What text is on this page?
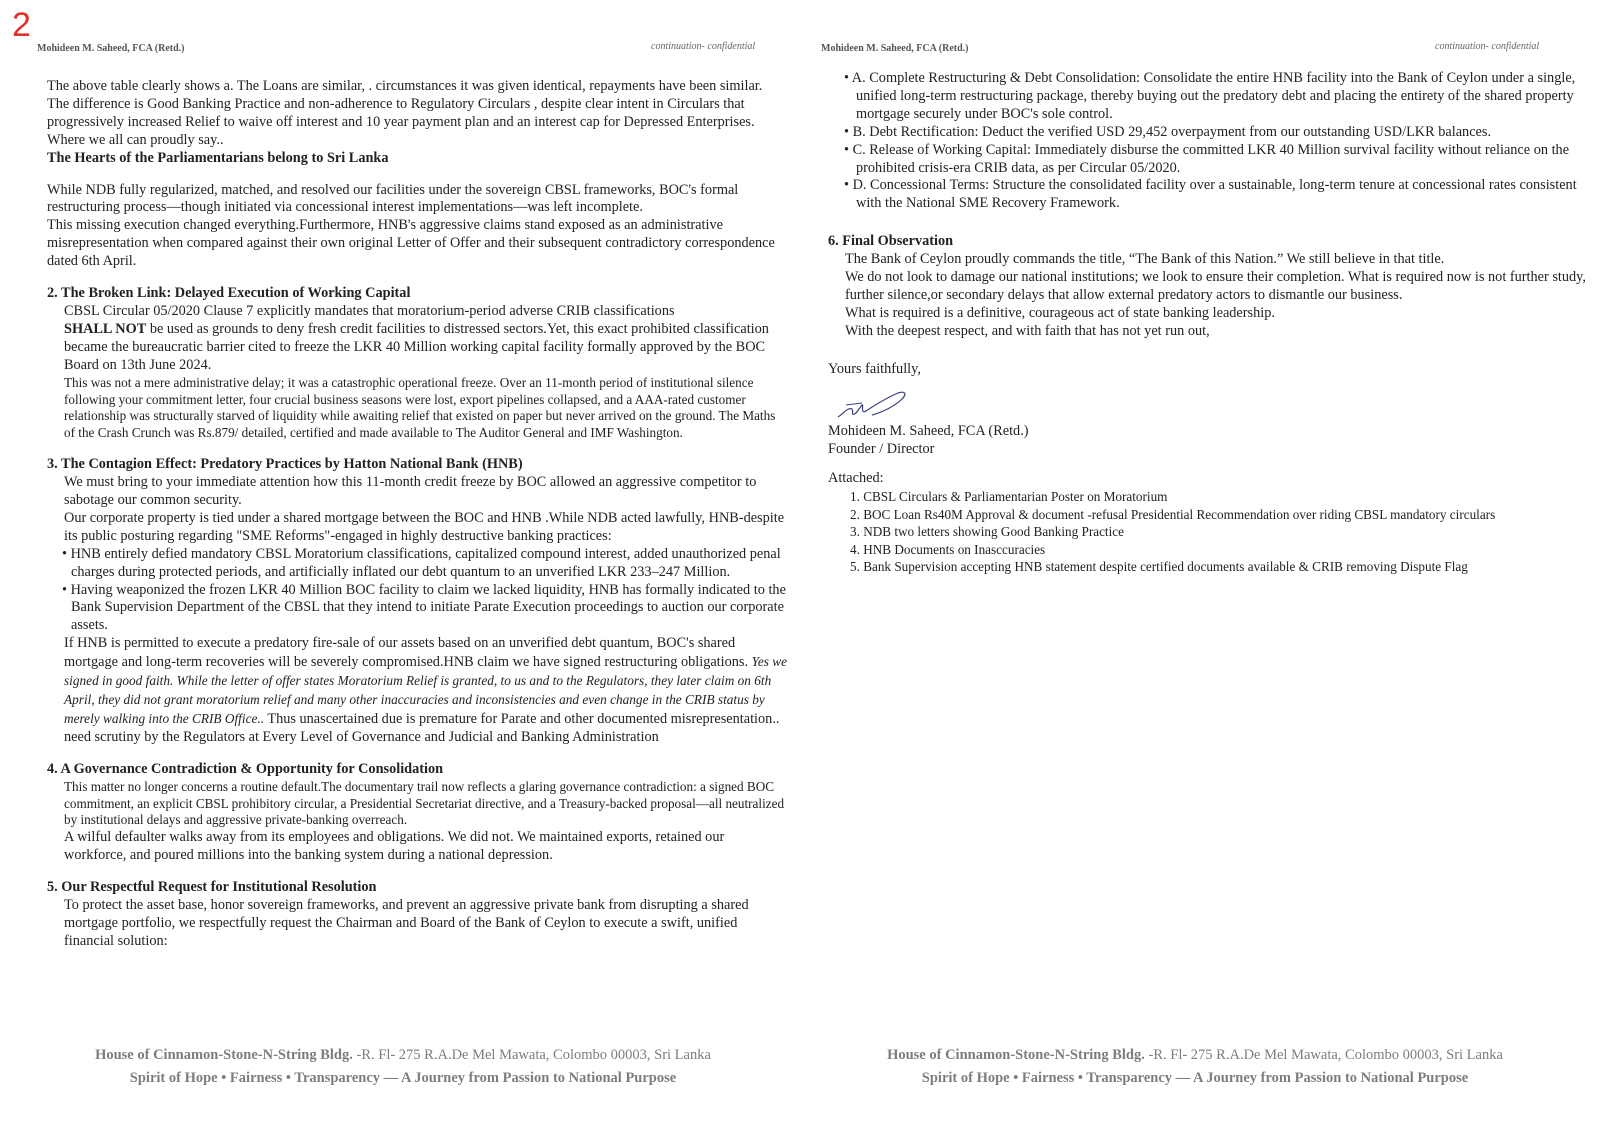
2
Mohideen M. Saheed, FCA (Retd.)	continuation- confidential

The above table clearly shows a. The Loans are similar, . circumstances it was given identical, repayments have been similar. The difference is Good Banking Practice and non-adherence to Regulatory Circulars , despite clear intent in Circulars that progressively increased Relief to waive off interest and 10 year payment plan and an interest cap for Depressed Enterprises. Where we all can proudly say..

The Hearts of the Parliamentarians belong to Sri Lanka

While NDB fully regularized, matched, and resolved our facilities under the sovereign CBSL frameworks, BOC's formal restructuring process—though initiated via concessional interest implementations—was left incomplete.

This missing execution changed everything.Furthermore, HNB's aggressive claims stand exposed as an administrative misrepresentation when compared against their own original Letter of Offer and their subsequent contradictory correspondence dated 6th April.

2. The Broken Link: Delayed Execution of Working Capital

CBSL Circular 05/2020 Clause 7 explicitly mandates that moratorium-period adverse CRIB classifications
SHALL NOT be used as grounds to deny fresh credit facilities to distressed sectors.Yet, this exact prohibited classification became the bureaucratic barrier cited to freeze the LKR 40 Million working capital facility formally approved by the BOC Board on 13th June 2024.

This was not a mere administrative delay; it was a catastrophic operational freeze. Over an 11-month period of institutional silence following your commitment letter, four crucial business seasons were lost, export pipelines collapsed, and a AAA-rated customer relationship was structurally starved of liquidity while awaiting relief that existed on paper but never arrived on the ground. The Maths of the Crash Crunch was Rs.879/ detailed, certified and made available to The Auditor General and IMF Washington.

3. The Contagion Effect: Predatory Practices by Hatton National Bank (HNB)

We must bring to your immediate attention how this 11-month credit freeze by BOC allowed an aggressive competitor to sabotage our common security.

Our corporate property is tied under a shared mortgage between the BOC and HNB .While NDB acted lawfully, HNB-despite its public posturing regarding "SME Reforms"-engaged in highly destructive banking practices:

• HNB entirely defied mandatory CBSL Moratorium classifications, capitalized compound interest, added unauthorized penal charges during protected periods, and artificially inflated our debt quantum to an unverified LKR 233–247 Million.

• Having weaponized the frozen LKR 40 Million BOC facility to claim we lacked liquidity, HNB has formally indicated to the Bank Supervision Department of the CBSL that they intend to initiate Parate Execution proceedings to auction our corporate assets.

If HNB is permitted to execute a predatory fire-sale of our assets based on an unverified debt quantum, BOC's shared mortgage and long-term recoveries will be severely compromised.HNB claim we have signed restructuring obligations. Yes we signed in good faith. While the letter of offer states Moratorium Relief is granted, to us and to the Regulators, they later claim on 6th April, they did not grant moratorium relief and many other inaccuracies and inconsistencies and even change in the CRIB status by merely walking into the CRIB Office.. Thus unascertained due is premature for Parate and other documented misrepresentation.. need scrutiny by the Regulators at Every Level of Governance and Judicial and Banking Administration

4. A Governance Contradiction & Opportunity for Consolidation

This matter no longer concerns a routine default.The documentary trail now reflects a glaring governance contradiction: a signed BOC commitment, an explicit CBSL prohibitory circular, a Presidential Secretariat directive, and a Treasury-backed proposal—all neutralized by institutional delays and aggressive private-banking overreach.

A wilful defaulter walks away from its employees and obligations. We did not. We maintained exports, retained our workforce, and poured millions into the banking system during a national depression.

5. Our Respectful Request for Institutional Resolution

To protect the asset base, honor sovereign frameworks, and prevent an aggressive private bank from disrupting a shared mortgage portfolio, we respectfully request the Chairman and Board of the Bank of Ceylon to execute a swift, unified financial solution:

House of Cinnamon-Stone-N-String Bldg. -R. Fl- 275 R.A.De Mel Mawata, Colombo 00003, Sri Lanka
Spirit of Hope • Fairness • Transparency — A Journey from Passion to National Purpose
Mohideen M. Saheed, FCA (Retd.)	continuation- confidential

• A. Complete Restructuring & Debt Consolidation: Consolidate the entire HNB facility into the Bank of Ceylon under a single, unified long-term restructuring package, thereby buying out the predatory debt and placing the entirety of the shared property mortgage securely under BOC's sole control.

• B. Debt Rectification: Deduct the verified USD 29,452 overpayment from our outstanding USD/LKR balances.

• C. Release of Working Capital: Immediately disburse the committed LKR 40 Million survival facility without reliance on the prohibited crisis-era CRIB data, as per Circular 05/2020.

• D. Concessional Terms: Structure the consolidated facility over a sustainable, long-term tenure at concessional rates consistent with the National SME Recovery Framework.

6. Final Observation

The Bank of Ceylon proudly commands the title, “The Bank of this Nation.” We still believe in that title.

We do not look to damage our national institutions; we look to ensure their completion. What is required now is not further study, further silence,or secondary delays that allow external predatory actors to dismantle our business.

What is required is a definitive, courageous act of state banking leadership.

With the deepest respect, and with faith that has not yet run out,

Yours faithfully,

Mohideen M. Saheed, FCA (Retd.)

Founder / Director

Attached:

1. CBSL Circulars & Parliamentarian Poster on Moratorium

2. BOC Loan Rs40M Approval & document -refusal Presidential Recommendation over riding CBSL mandatory circulars

3. NDB two letters showing Good Banking Practice

4. HNB Documents on Inasccuracies

5. Bank Supervision accepting HNB statement despite certified documents available & CRIB removing Dispute Flag

House of Cinnamon-Stone-N-String Bldg. -R. Fl- 275 R.A.De Mel Mawata, Colombo 00003, Sri Lanka
Spirit of Hope • Fairness • Transparency — A Journey from Passion to National Purpose
